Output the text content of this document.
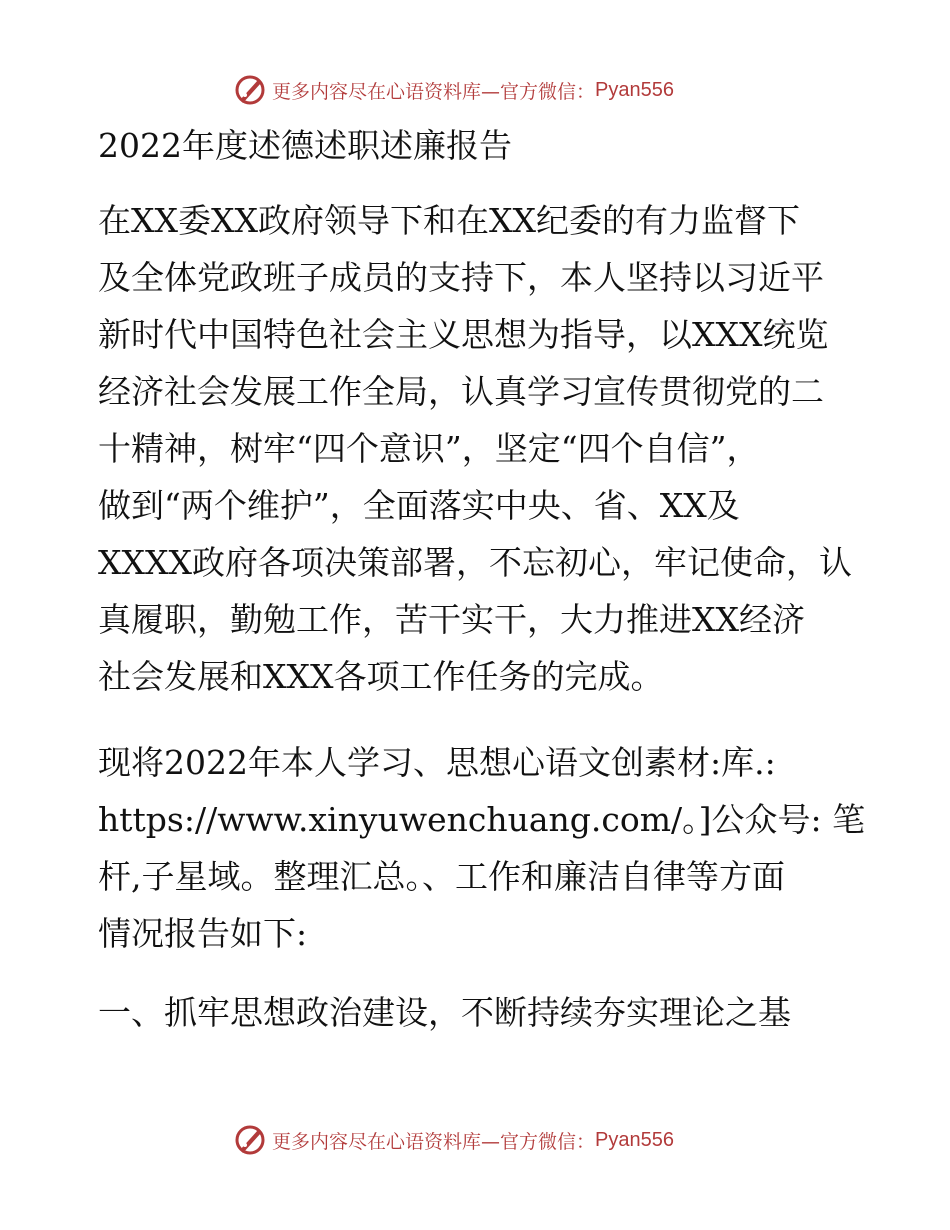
更多内容尽在心语资料库—官方微信： Pyan556
2022年度述德述职述廉报告
在XX委XX政府领导下和在XX纪委的有力监督下
及全体党政班子成员的支持下，本人坚持以习近平
新时代中国特色社会主义思想为指导，以XXX统览
经济社会发展工作全局，认真学习宣传贯彻党的二
十精神，树牢“四个意识”，坚定“四个自信”，
做到“两个维护”，全面落实中央、省、XX及
XXXX政府各项决策部署，不忘初心，牢记使命，认
真履职，勤勉工作，苦干实干，大力推进XX经济
社会发展和XXX各项工作任务的完成。
现将2022年本人学习、思想心语文创素材:库.:
https://www.xinyuwenchuang.com/。]公众号: 笔
杆,子星域。整理汇总。、工作和廉洁自律等方面
情况报告如下:
一、抓牢思想政治建设，不断持续夯实理论之基
更多内容尽在心语资料库—官方微信： Pyan556
